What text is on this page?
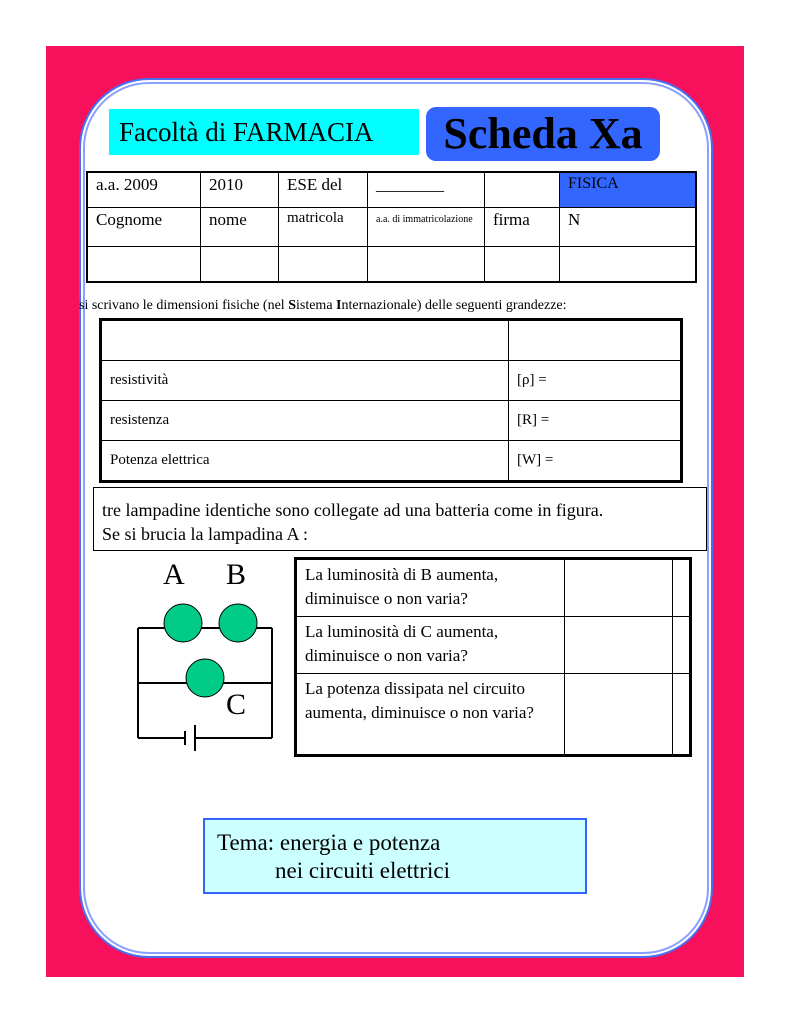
Facoltà di FARMACIA	Scheda Xa
a.a. 2009	2010	ESE del	________		FISICA
Cognome	nome	matricola	a.a. di immatricolazione	firma	N

si scrivano le dimensioni fisiche (nel Sistema Internazionale) delle seguenti grandezze:

resistività	[ρ] =
resistenza	[R] =
Potenza elettrica	[W] =
tre lampadine identiche sono collegate ad una batteria come in figura.
Se si brucia la lampadina A :
A B
C
La luminosità di B aumenta, diminuisce o non varia?		
La luminosità di C aumenta, diminuisce o non varia?		
La potenza dissipata nel circuito aumenta, diminuisce o non varia?		
Tema: energia e potenza
nei circuiti elettrici
